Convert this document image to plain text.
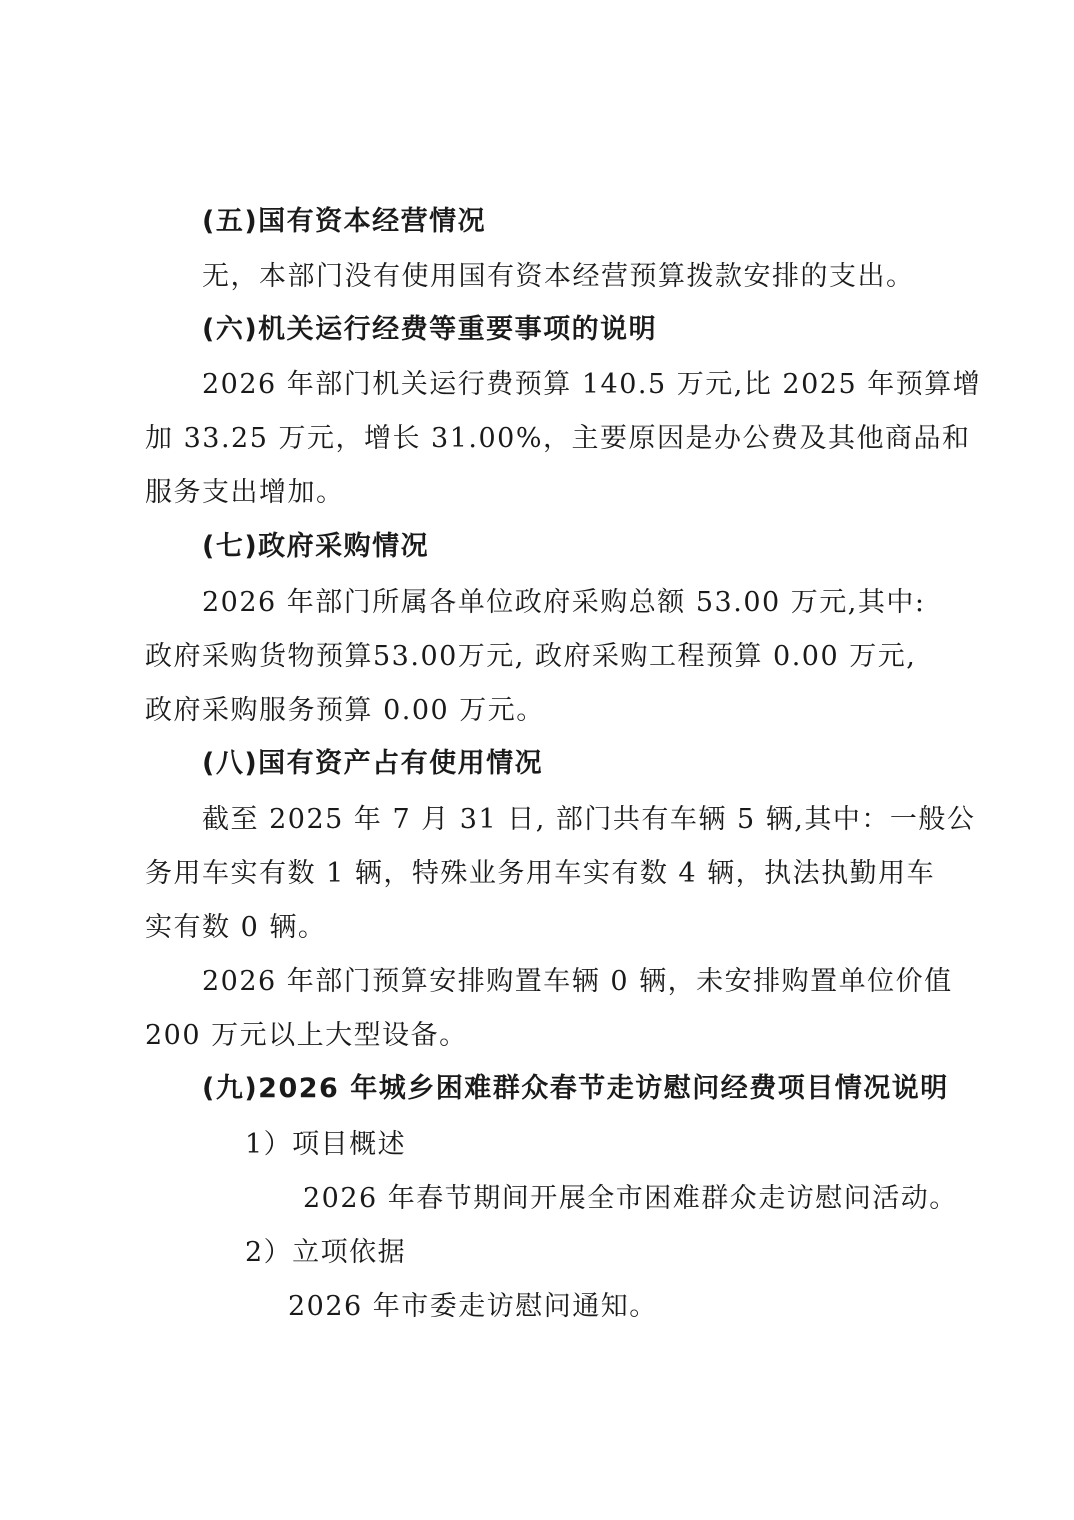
(五)国有资本经营情况
无，本部门没有使用国有资本经营预算拨款安排的支出。
(六)机关运行经费等重要事项的说明
2026 年部门机关运行费预算 140.5 万元,比 2025 年预算增
加 33.25 万元，增长 31.00%，主要原因是办公费及其他商品和
服务支出增加。
(七)政府采购情况
2026 年部门所属各单位政府采购总额 53.00 万元,其中:
政府采购货物预算53.00万元, 政府采购工程预算 0.00 万元,
政府采购服务预算 0.00 万元。
(八)国有资产占有使用情况
截至 2025 年 7 月 31 日, 部门共有车辆 5 辆,其中：一般公
务用车实有数 1 辆，特殊业务用车实有数 4 辆，执法执勤用车
实有数 0 辆。
2026 年部门预算安排购置车辆 0 辆，未安排购置单位价值
200 万元以上大型设备。
(九)2026 年城乡困难群众春节走访慰问经费项目情况说明
1）项目概述
2026 年春节期间开展全市困难群众走访慰问活动。
2）立项依据
2026 年市委走访慰问通知。
